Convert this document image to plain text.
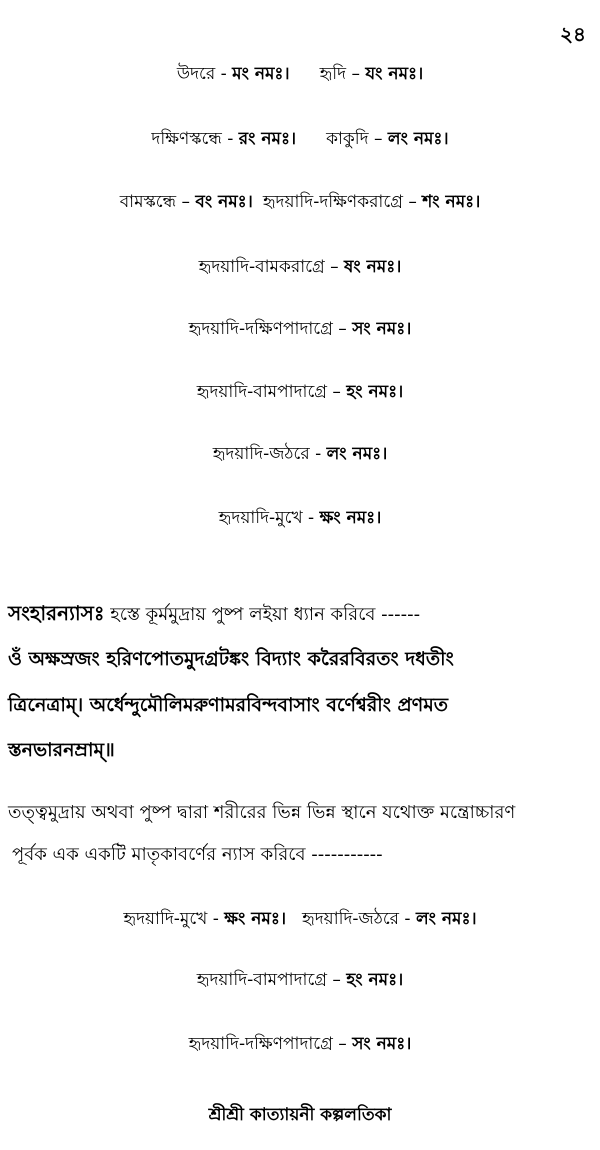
২৪
উদরে - মং নমঃ। হৃদি – যং নমঃ।
দক্ষিণস্কন্ধে - রং নমঃ। কাকুদি – লং নমঃ।
বামস্কন্ধে – বং নমঃ। হৃদয়াদি-দক্ষিণকরাগ্রে – শং নমঃ।
হৃদয়াদি-বামকরাগ্রে – ষং নমঃ।
হৃদয়াদি-দক্ষিণপাদাগ্রে – সং নমঃ।
হৃদয়াদি-বামপাদাগ্রে – হং নমঃ।
হৃদয়াদি-জঠরে - লং নমঃ।
হৃদয়াদি-মুখে - ক্ষং নমঃ।
সংহারন্যাসঃ হস্তে কূর্মমুদ্রায় পুষ্প লইয়া ধ্যান করিবে ------
ওঁ অক্ষস্রজং হরিণপোতমুদগ্রটঙ্কং বিদ্যাং করৈরবিরতং দধতীং
ত্রিনেত্রাম্। অর্ধেন্দুমৌলিমরুণামরবিন্দবাসাং বর্ণেশ্বরীং প্রণমত
স্তনভারনম্রাম্॥
তত্ত্বমুদ্রায় অথবা পুষ্প দ্বারা শরীরের ভিন্ন ভিন্ন স্থানে যথোক্ত মন্ত্রোচ্চারণ
পূর্বক এক একটি মাতৃকাবর্ণের ন্যাস করিবে -----------
হৃদয়াদি-মুখে - ক্ষং নমঃ। হৃদয়াদি-জঠরে - লং নমঃ।
হৃদয়াদি-বামপাদাগ্রে – হং নমঃ।
হৃদয়াদি-দক্ষিণপাদাগ্রে – সং নমঃ।
শ্রীশ্রী কাত্যায়নী কল্পলতিকা
